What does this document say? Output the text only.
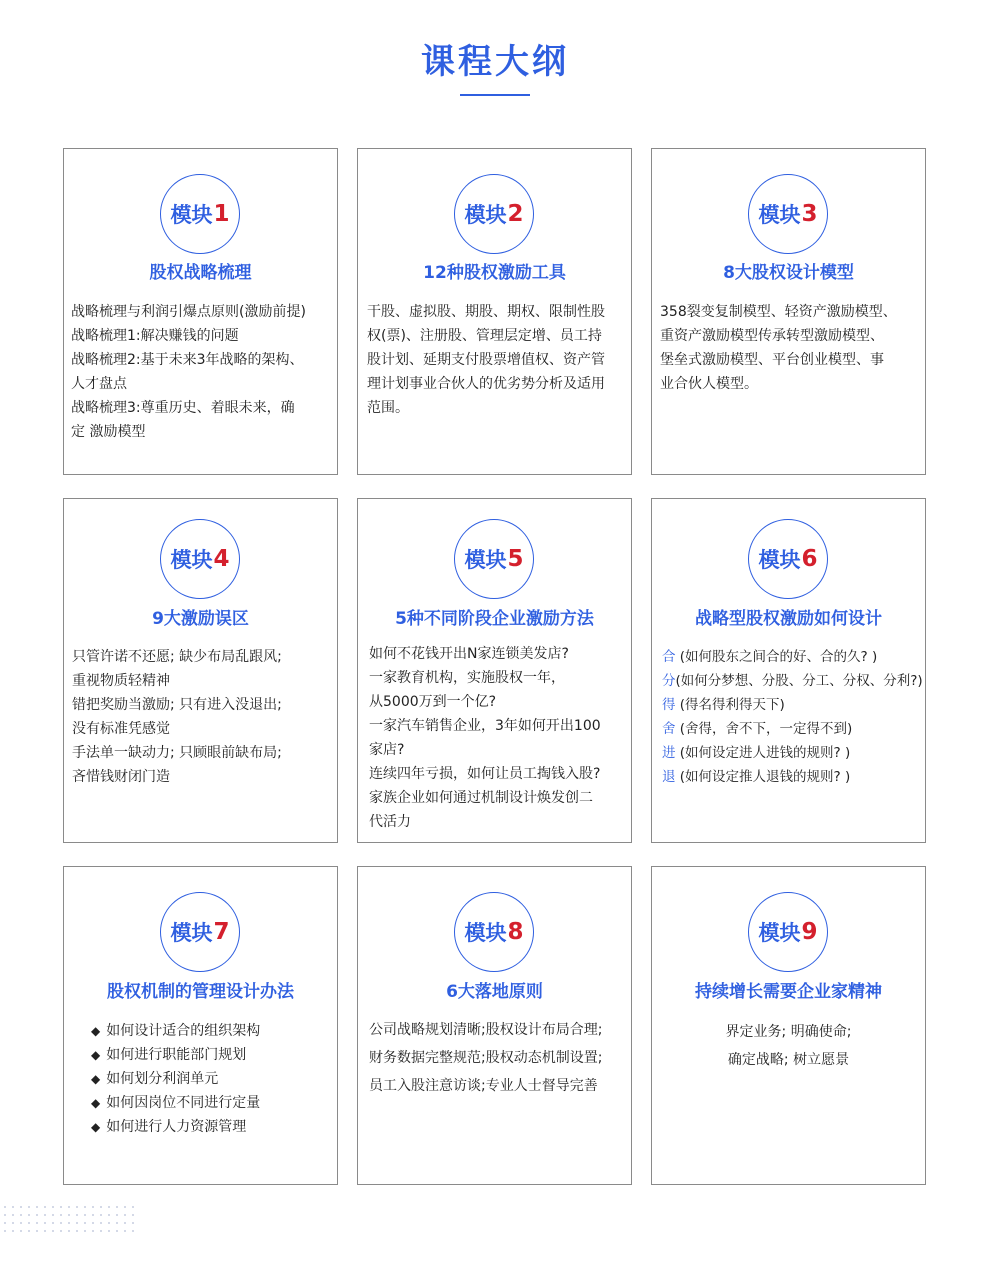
课程大纲
模块 1
股权战略梳理
战略梳理与利润引爆点原则(激励前提)
战略梳理1:解决赚钱的问题
战略梳理2:基于未来3年战略的架构、
人才盘点
战略梳理3:尊重历史、着眼未来，确
定 激励模型
模块 2
12种股权激励工具
干股、虚拟股、期股、期权、限制性股
权(票)、注册股、管理层定增、员工持
股计划、延期支付股票增值权、资产管
理计划事业合伙人的优劣势分析及适用
范围。
模块 3
8大股权设计模型
358裂变复制模型、轻资产激励模型、
重资产激励模型传承转型激励模型、
堡垒式激励模型、平台创业模型、事
业合伙人模型。
模块 4
9大激励误区
只管许诺不还愿; 缺少布局乱跟风;
重视物质轻精神
错把奖励当激励; 只有进入没退出;
没有标准凭感觉
手法单一缺动力; 只顾眼前缺布局;
吝惜钱财闭门造
模块 5
5种不同阶段企业激励方法
如何不花钱开出N家连锁美发店?
一家教育机构，实施股权一年，
从5000万到一个亿?
一家汽车销售企业，3年如何开出100
家店?
连续四年亏损，如何让员工掏钱入股?
家族企业如何通过机制设计焕发创二
代活力
模块 6
战略型股权激励如何设计
合 (如何股东之间合的好、合的久? )
分(如何分梦想、分股、分工、分权、分利?)
得 (得名得利得天下)
舍 (舍得，舍不下，一定得不到)
进 (如何设定进人进钱的规则? )
退 (如何设定推人退钱的规则? )
模块 7
股权机制的管理设计办法
◆ 如何设计适合的组织架构
◆ 如何进行职能部门规划
◆ 如何划分利润单元
◆ 如何因岗位不同进行定量
◆ 如何进行人力资源管理
模块 8
6大落地原则
公司战略规划清晰;股权设计布局合理;
财务数据完整规范;股权动态机制设置;
员工入股注意访谈;专业人士督导完善
模块 9
持续增长需要企业家精神
界定业务; 明确使命;
确定战略; 树立愿景
